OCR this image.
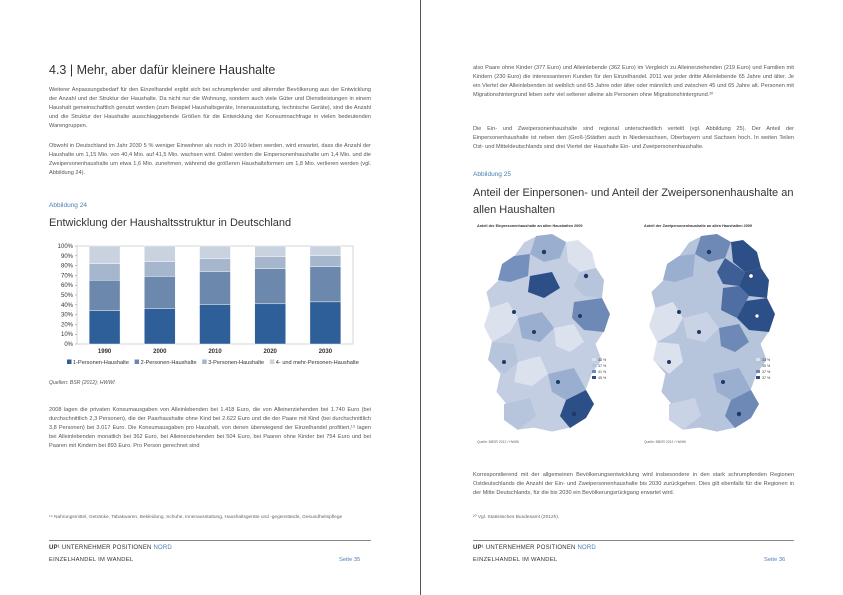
4.3 | Mehr, aber dafür kleinere Haushalte

Weiterer Anpassungsbedarf für den Einzelhandel ergibt sich bei schrumpfender und alternder Bevölkerung aus der Entwicklung der Anzahl und der Struktur der Haushalte. Da nicht nur die Wohnung, sondern auch viele Güter und Dienstleistungen in einem Haushalt gemeinschaftlich genutzt werden (zum Beispiel Haushaltsgeräte, Innenausstattung, technische Geräte), sind die Anzahl und die Struktur der Haushalte ausschlaggebende Größen für die Entwicklung der Konsumnachfrage in vielen bedeutenden Warengruppen.

Obwohl in Deutschland im Jahr 2030 5 % weniger Einwohner als noch in 2010 leben werden, wird erwartet, dass die Anzahl der Haushalte um 1,15 Mio. von 40,4 Mio. auf 41,5 Mio. wachsen wird. Dabei werden die Einpersonenhaushalte um 1,4 Mio. und die Zweipersonenhaushalte um etwa 1,6 Mio. zunehmen, während die größeren Haushaltsformen um 1,8 Mio. verlieren werden (vgl. Abbildung 24).

Abbildung 24
Entwicklung der Haushaltsstruktur in Deutschland
0%
10%
20%
30%
40%
50%
60%
70%
80%
90%
100%
1990	2000	2010	2020	2030
1-Personen-Haushalte 2-Personen-Haushalte 3-Personen-Haushalte 4- und mehr-Personen-Haushalte
Quellen: BSR (2012); HWWI

2008 lagen die privaten Konsumausgaben von Alleinlebenden bei 1.418 Euro, die von Alleinerziehenden bei 1.740 Euro (bei durchschnittlich 2,3 Personen), die der Paarhaushalte ohne Kind bei 2.622 Euro und die der Paare mit Kind (bei durchschnittlich 3,8 Personen) bei 3.017 Euro. Die Konsumausgaben pro Haushalt, von denen überwiegend der Einzelhandel profitiert,¹⁹ lagen bei Alleinlebenden monatlich bei 362 Euro, bei Alleinerziehenden bei 504 Euro, bei Paaren ohne Kinder bei 754 Euro und bei Paaren mit Kindern bei 893 Euro. Pro Person gerechnet sind

¹⁹ Nahrungsmittel, Getränke, Tabakwaren, Bekleidung, Schuhe, Innenausstattung, Haushaltsgeräte und -gegenstände, Gesundheitspflege
UP¹ UNTERNEHMER POSITIONEN NORD
EINZELHANDEL IM WANDEL	Seite 35

also Paare ohne Kinder (377 Euro) und Alleinlebende (362 Euro) im Vergleich zu Alleinerziehenden (219 Euro) und Familien mit Kindern (230 Euro) die interessanteren Kunden für den Einzelhandel. 2011 war jeder dritte Alleinlebende 65 Jahre und älter. Je ein Viertel der Alleinlebenden ist weiblich und 65 Jahre oder älter oder männlich und zwischen 45 und 65 Jahre alt. Personen mit Migrationshintergrund leben sehr viel seltener alleine als Personen ohne Migrationshintergrund.²⁰

Die Ein- und Zweipersonenhaushalte sind regional unterschiedlich verteilt (vgl. Abbildung 25). Der Anteil der Einpersonenhaushalte ist neben den (Groß-)Städten auch in Niedersachsen, Oberbayern und Sachsen hoch. In weiten Teilen Ost- und Mitteldeutschlands sind drei Viertel der Haushalte Ein- und Zweipersonenhaushalte.

Abbildung 25
Anteil der Einpersonen- und Anteil der Zweipersonenhaushalte an allen Haushalten
Anteil der Einpersonenhaushalte an allen Haushalten 2009
33 %
37 %
41 %
45 %
Quelle: BBSR 2012 / HWWI
Anteil der Zweipersonenhaushalte an allen Haushalten 2009
33 %
35 %
37 %
37 %
Quelle: BBSR 2012 / HWWI

Korrespondierend mit der allgemeinen Bevölkerungsentwicklung wird insbesondere in den stark schrumpfenden Regionen Ostdeutschlands die Anzahl der Ein- und Zweipersonenhaushalte bis 2030 zurückgehen. Dies gilt ebenfalls für die Regionen in der Mitte Deutschlands, für die bis 2030 ein Bevölkerungsrückgang erwartet wird.

²⁰ Vgl. Statistisches Bundesamt (2012h).
UP¹ UNTERNEHMER POSITIONEN NORD
EINZELHANDEL IM WANDEL	Seite 36
